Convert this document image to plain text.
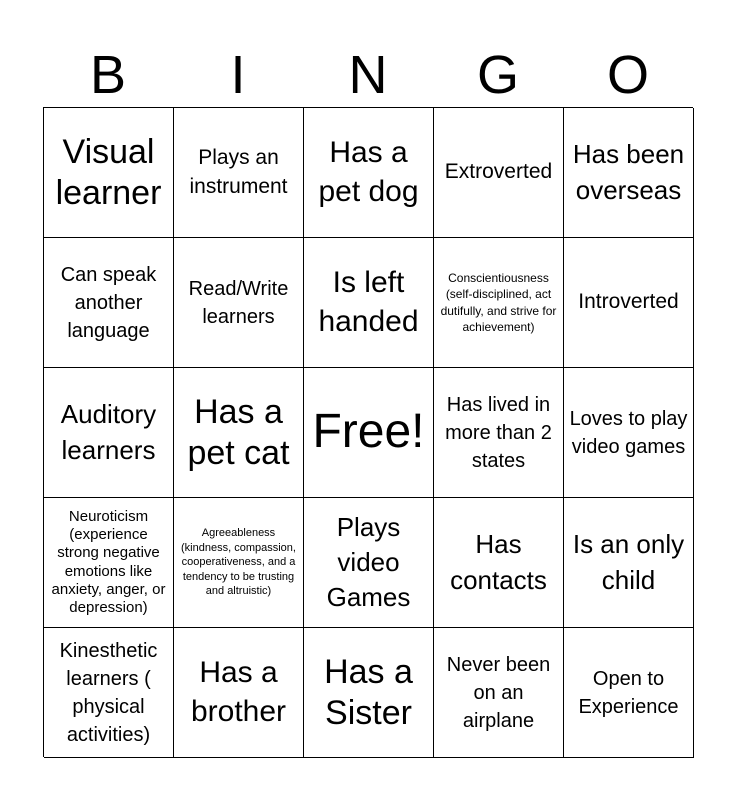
B	I	N	G	O
Visual learner
Plays an instrument
Has a pet dog
Extroverted
Has been overseas
Can speak another language
Read/Write learners
Is left handed
Conscientiousness (self-disciplined, act dutifully, and strive for achievement)
Introverted
Auditory learners
Has a pet cat Free!
Has lived in more than 2 states
Loves to play video games
Neuroticism (experience strong negative emotions like anxiety, anger, or depression)
Agreeableness (kindness, compassion, cooperativeness, and a tendency to be trusting and altruistic)
Plays video Games
Has contacts
Is an only child
Kinesthetic learners ( physical activities)
Has a brother
Has a Sister
Never been on an airplane
Open to Experience
